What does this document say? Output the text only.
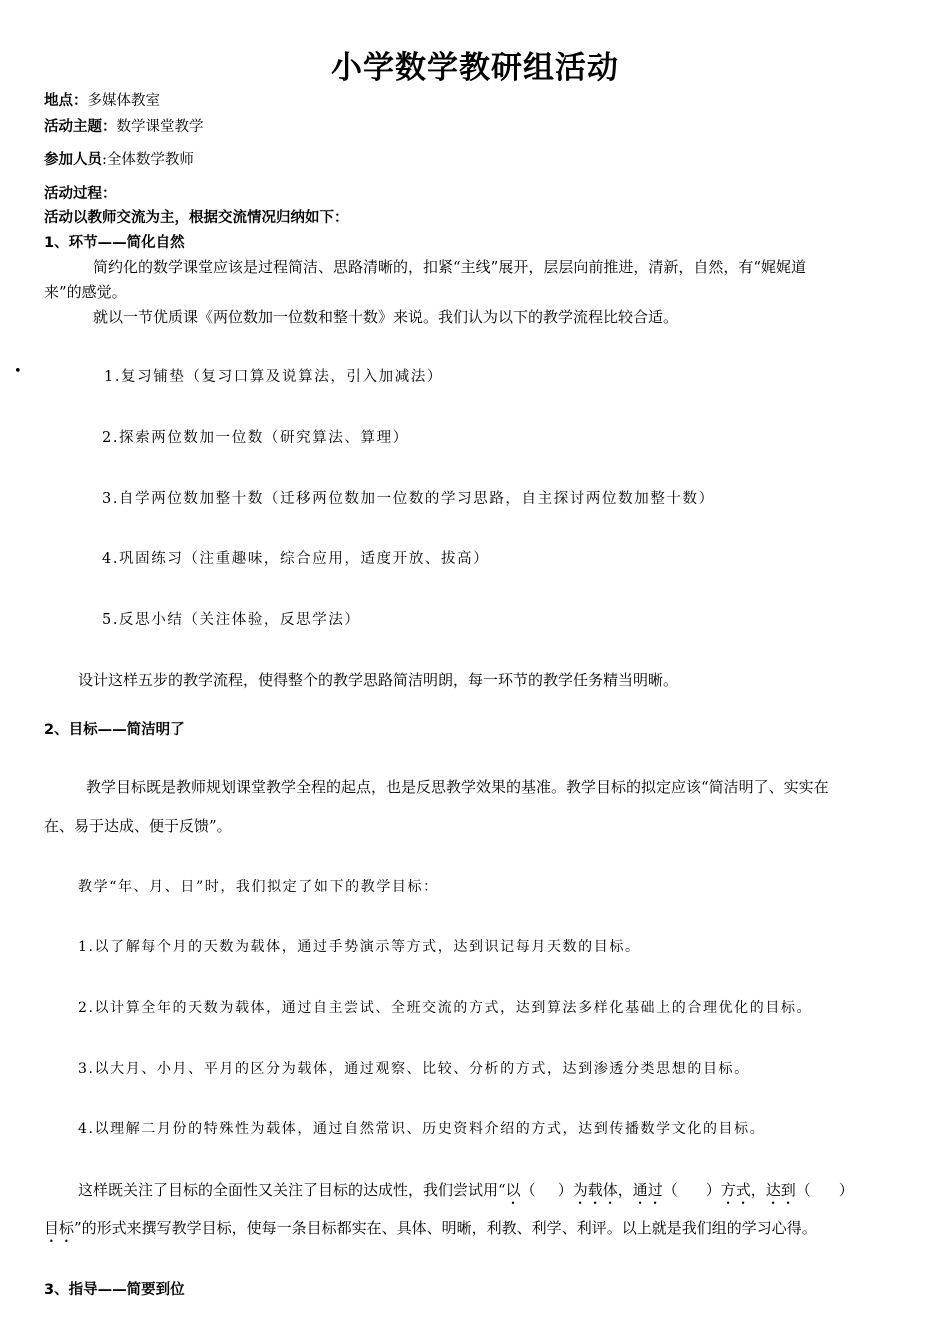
小学数学教研组活动
地点：多媒体教室
活动主题：数学课堂教学
参加人员:全体数学教师
活动过程：
活动以教师交流为主，根据交流情况归纳如下：
1、环节——简化自然
简约化的数学课堂应该是过程简洁、思路清晰的，扣紧“主线”展开，层层向前推进，清新，自然，有“娓娓道
来”的感觉。
就以一节优质课《两位数加一位数和整十数》来说。我们认为以下的教学流程比较合适。
•	1.复习铺垫（复习口算及说算法，引入加减法）
2.探索两位数加一位数（研究算法、算理）
3.自学两位数加整十数（迁移两位数加一位数的学习思路，自主探讨两位数加整十数）
4.巩固练习（注重趣味，综合应用，适度开放、拔高）
5.反思小结（关注体验，反思学法）
设计这样五步的教学流程，使得整个的教学思路简洁明朗，每一环节的教学任务精当明晰。
2、目标——简洁明了
教学目标既是教师规划课堂教学全程的起点，也是反思教学效果的基准。教学目标的拟定应该“简洁明了、实实在
在、易于达成、便于反馈”。
教学“年、月、日”时，我们拟定了如下的教学目标：
1.以了解每个月的天数为载体，通过手势演示等方式，达到识记每月天数的目标。
2.以计算全年的天数为载体，通过自主尝试、全班交流的方式，达到算法多样化基础上的合理优化的目标。
3.以大月、小月、平月的区分为载体，通过观察、比较、分析的方式，达到渗透分类思想的目标。
4.以理解二月份的特殊性为载体，通过自然常识、历史资料介绍的方式，达到传播数学文化的目标。
这样既关注了目标的全面性又关注了目标的达成性，我们尝试用“以（ ）为载体，通过（ ）方式，达到（ ）
目标”的形式来撰写教学目标，使每一条目标都实在、具体、明晰，利教、利学、利评。以上就是我们组的学习心得。
3、指导——简要到位
